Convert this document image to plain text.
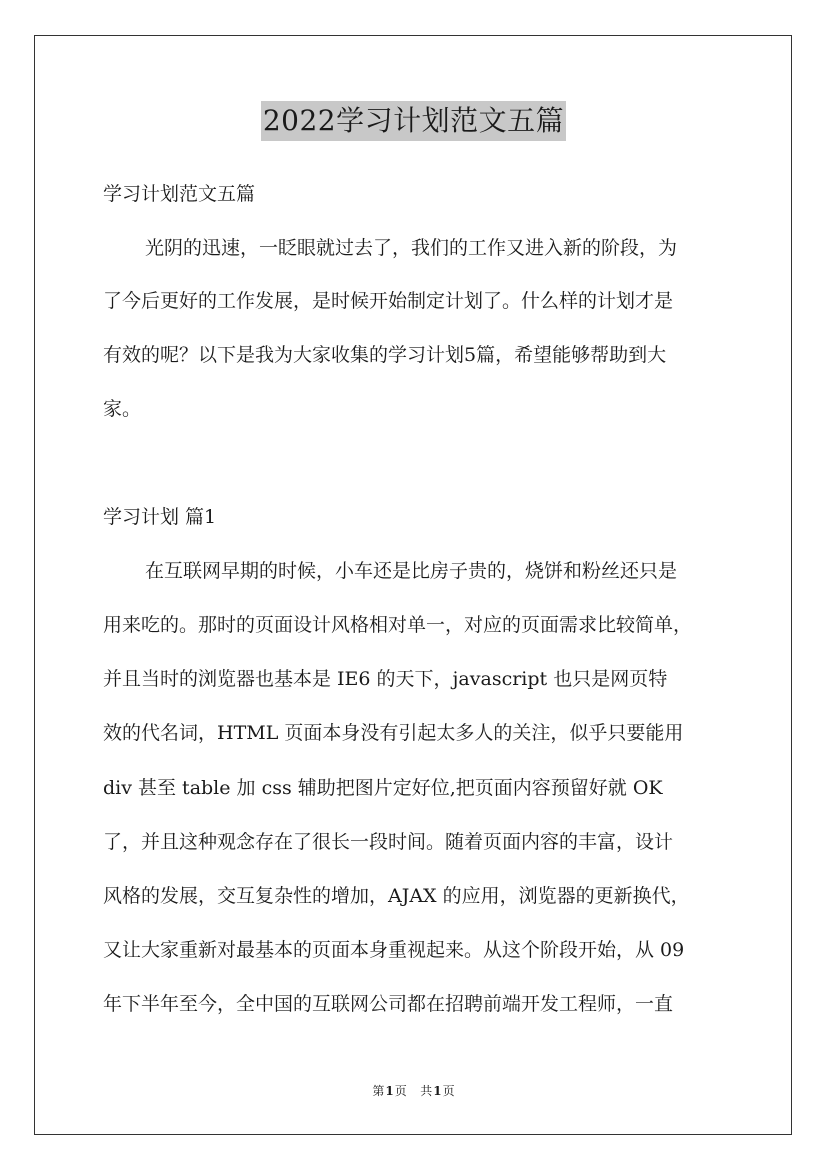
2022学习计划范文五篇
学习计划范文五篇
光阴的迅速，一眨眼就过去了，我们的工作又进入新的阶段，为
了今后更好的工作发展，是时候开始制定计划了。什么样的计划才是
有效的呢？以下是我为大家收集的学习计划5篇，希望能够帮助到大
家。
学习计划 篇1
在互联网早期的时候，小车还是比房子贵的，烧饼和粉丝还只是
用来吃的。那时的页面设计风格相对单一，对应的页面需求比较简单，
并且当时的浏览器也基本是 IE6 的天下，javascript 也只是网页特
效的代名词，HTML 页面本身没有引起太多人的关注，似乎只要能用
div 甚至 table 加 css 辅助把图片定好位,把页面内容预留好就 OK
了，并且这种观念存在了很长一段时间。随着页面内容的丰富，设计
风格的发展，交互复杂性的增加，AJAX 的应用，浏览器的更新换代，
又让大家重新对最基本的页面本身重视起来。从这个阶段开始，从 09
年下半年至今，全中国的互联网公司都在招聘前端开发工程师，一直
第1页 共1页
